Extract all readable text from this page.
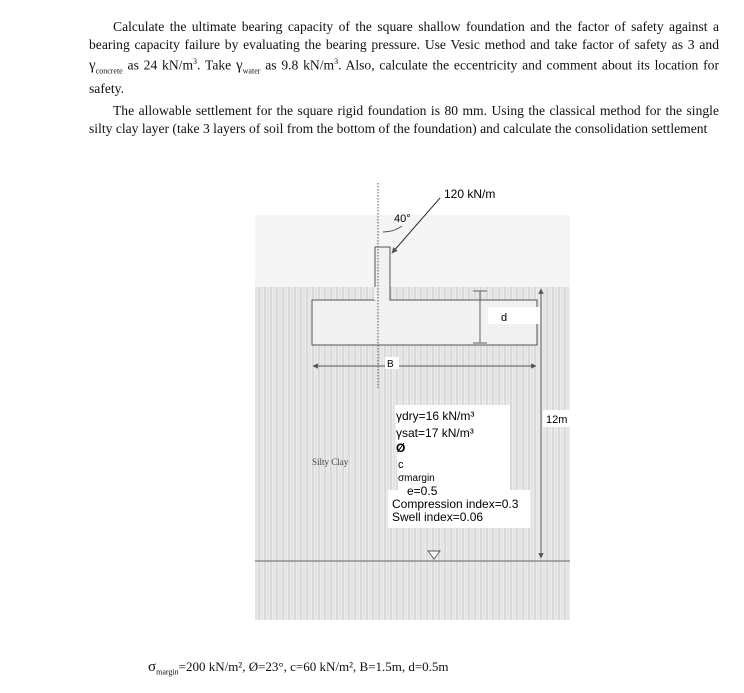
Calculate the ultimate bearing capacity of the square shallow foundation and the factor of safety against a bearing capacity failure by evaluating the bearing pressure. Use Vesic method and take factor of safety as 3 and $\gamma_{concrete}$ as 24 $kN/m^3$. Take $\gamma_{water}$ as 9.8 $kN/m^3$. Also, calculate the eccentricity and comment about its location for safety.
The allowable settlement for the square rigid foundation is 80 mm. Using the classical method for the single silty clay layer (take 3 layers of soil from the bottom of the foundation) and calculate the consolidation settlement
120 kN/m
40°
d
B
12m
Silty Clay
γdry=16 kN/m³
γsat=17 kN/m³
Ø
c
σmargin
e=0.5
Compression index=0.3
Swell index=0.06
$\sigma_{margin}=200$ kN/m², Ø=23°, c=60 kN/m², B=1.5m, d=0.5m
